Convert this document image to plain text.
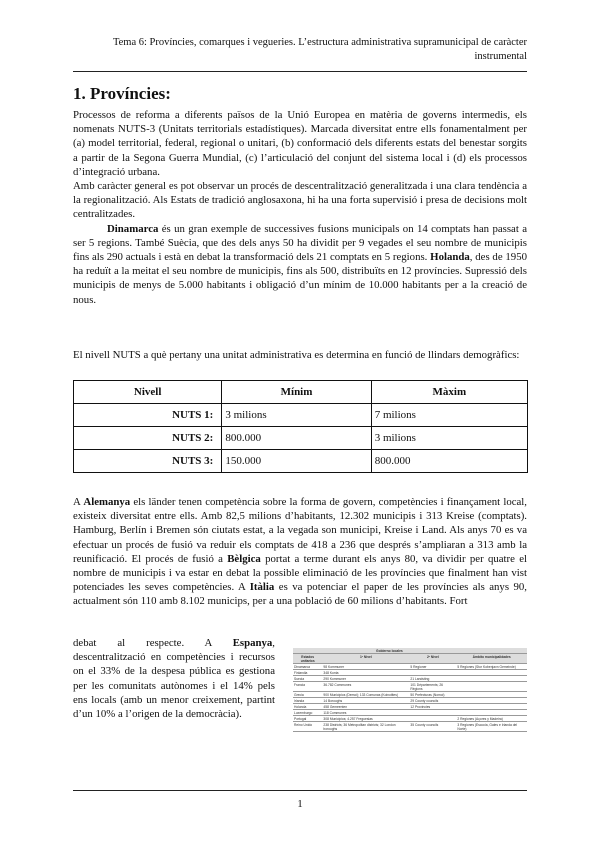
Tema 6: Províncies, comarques i vegueries. L’estructura administrativa supramunicipal de caràcter instrumental
1. Províncies:

Processos de reforma a diferents països de la Unió Europea en matèria de governs intermedis, els nomenats NUTS-3 (Unitats territorials estadístiques). Marcada diversitat entre ells fonamentalment per (a) model territorial, federal, regional o unitari, (b) conformació dels diferents estats del benestar sorgits a partir de la Segona Guerra Mundial, (c) l’articulació del conjunt del sistema local i (d) els processos d’integració urbana.

Amb caràcter general es pot observar un procés de descentralització generalitzada i una clara tendència a la regionalització. Als Estats de tradició anglosaxona, hi ha una forta supervisió i presa de decisions molt centralitzades.

Dinamarca és un gran exemple de successives fusions municipals on 14 comptats han passat a ser 5 regions. També Suècia, que des dels anys 50 ha dividit per 9 vegades el seu nombre de municipis fins als 290 actuals i està en debat la transformació dels 21 comptats en 5 regions. Holanda, des de 1950 ha reduït a la meitat el seu nombre de municipis, fins als 500, distribuïts en 12 províncies. Supressió dels municipis de menys de 5.000 habitants i obligació d’un mínim de 10.000 habitants per a la creació de nous.

El nivell NUTS a què pertany una unitat administrativa es determina en funció de llindars demogràfics:

Nivell	Mínim	Màxim
NUTS 1:	3 milions	7 milions
NUTS 2:	800.000	3 milions
NUTS 3:	150.000	800.000

A Alemanya els länder tenen competència sobre la forma de govern, competències i finançament local, existeix diversitat entre ells. Amb 82,5 milions d’habitants, 12.302 municipis i 313 Kreise (comptats). Hamburg, Berlín i Bremen són ciutats estat, a la vegada son municipi, Kreise i Land. Als anys 70 es va efectuar un procés de fusió va reduir els comptats de 418 a 236 que després s’ampliaran a 313 amb la reunificació. El procés de fusió a Bèlgica portat a terme durant els anys 80, va dividir per quatre el nombre de municipis i va estar en debat la possible eliminació de les províncies que finalment han vist potenciades les seves competències. A Itàlia es va potenciar el paper de les províncies als anys 90, actualment són 110 amb 8.102 municips, per a una població de 60 milions d’habitants. Fort

debat al respecte. A Espanya, descentralització en competències i recursos on el 33% de la despesa pública es gestiona per les comunitats autònomes i el 14% pels ens locals (amb un menor creixement, partint d’un 10% a l’origen de la democràcia).

	Gobierno locales		
Estados unitarios	1º Nivel	2º Nivel	Ámbito municipalidades
Dinamarca	98 Kommuner	5 Regioner	5 Regiones (Stor Kobenjavn Gemeinde)
Finlandia	348 Kunta		
Suecia	290 Kommuner	21 Landsting	
Francia	36.782 Communes	101 Départements; 26 Régions	
Grecia	900 Municipios (Demoi); 133 Comunas (Koinotites)	50 Prefecturas (Nomoi)	
Irlanda	14 Boroughs	29 County councils	
Holanda	458 Gemeenten	12 Provincies	
Luxemburgo	118 Communes		
Portugal	308 Municipios; 4.257 Freguesias		2 Regiones (Açores y Madeira)
Reino Unido	238 Districts; 36 Metropolitan districts; 32 London boroughs	35 County councils	3 Regiones (Escocia, Gales e Irlanda del Norte)
1
